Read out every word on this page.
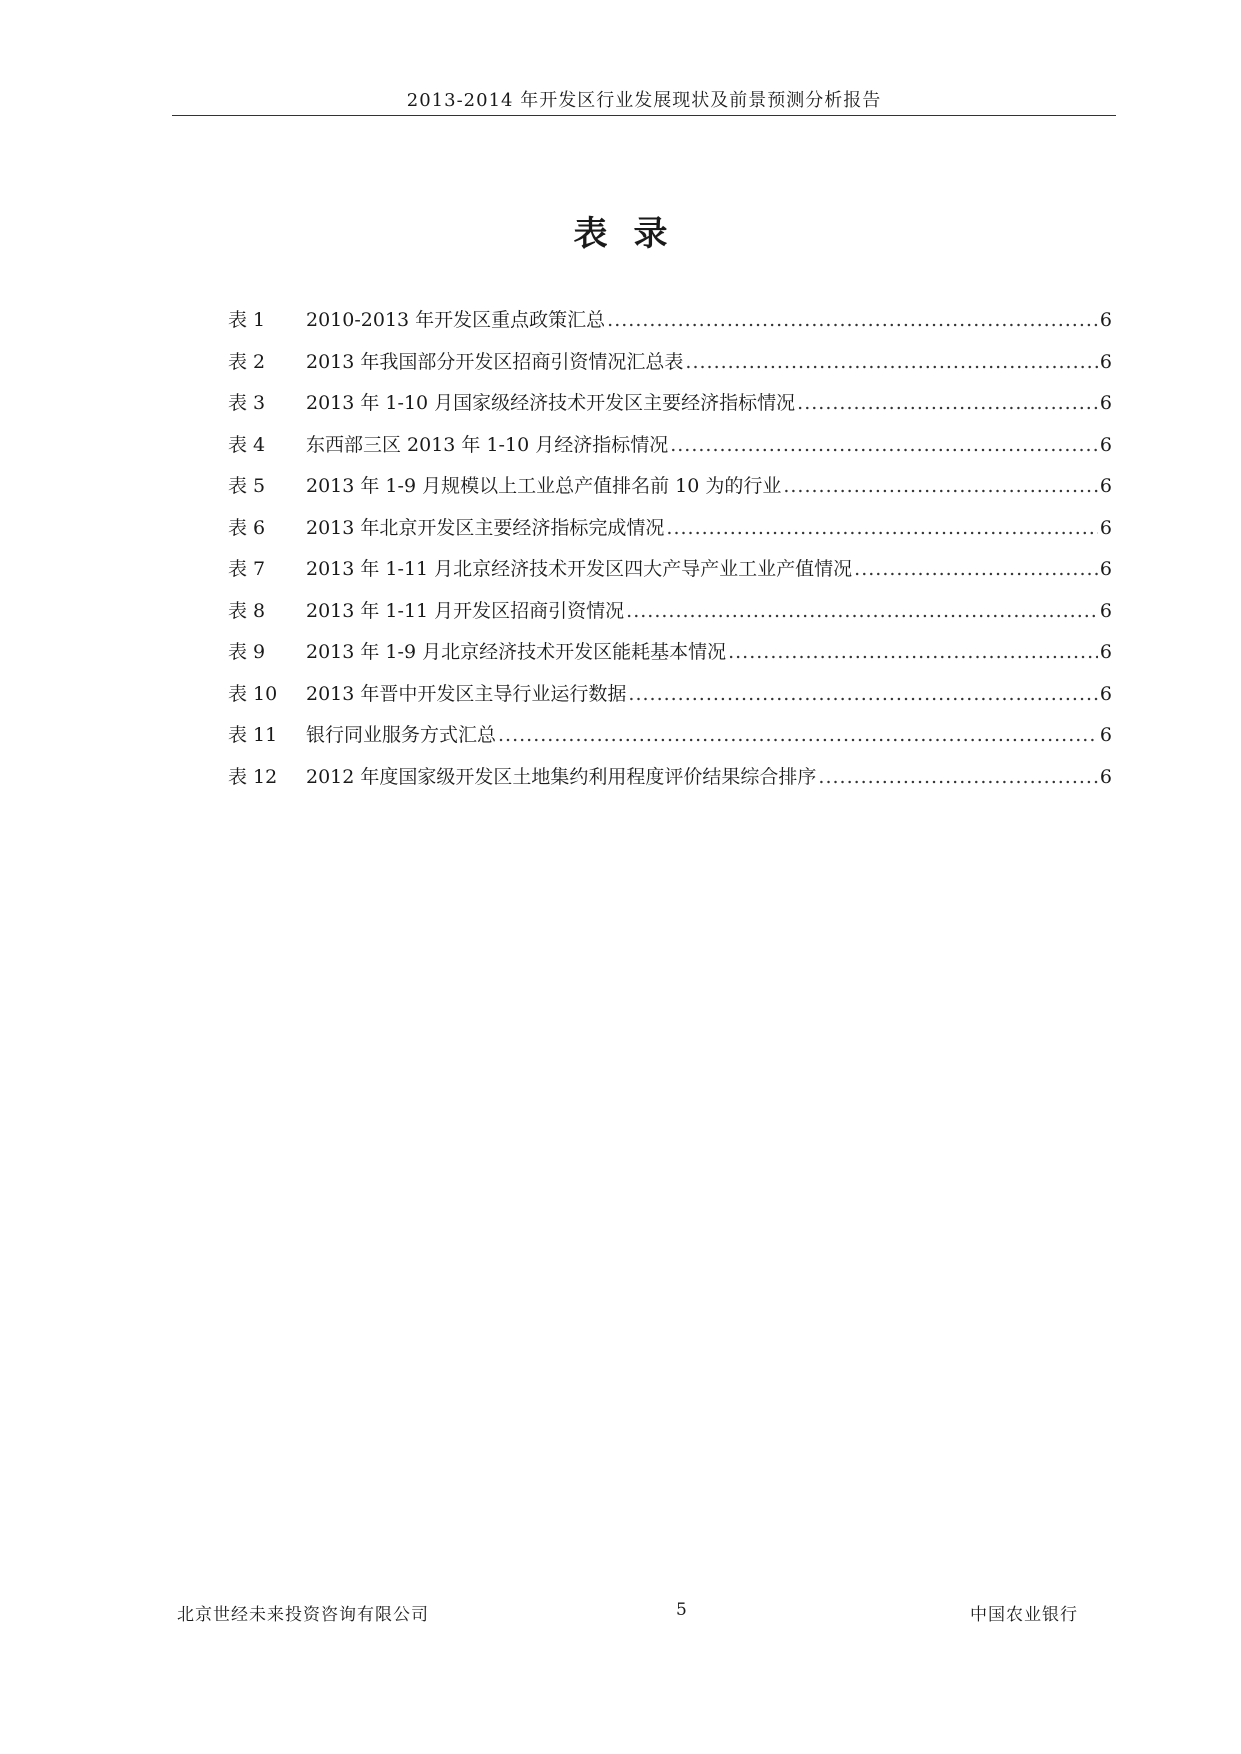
2013-2014 年开发区行业发展现状及前景预测分析报告
表录
表 1	2010-2013 年开发区重点政策汇总 .....	6
表 2	2013 年我国部分开发区招商引资情况汇总表 .....	6
表 3	2013 年 1-10 月国家级经济技术开发区主要经济指标情况 .....	6
表 4	东西部三区 2013 年 1-10 月经济指标情况 .....	6
表 5	2013 年 1-9 月规模以上工业总产值排名前 10 为的行业 .....	6
表 6	2013 年北京开发区主要经济指标完成情况 .....	6
表 7	2013 年 1-11 月北京经济技术开发区四大产导产业工业产值情况 .....	6
表 8	2013 年 1-11 月开发区招商引资情况 .....	6
表 9	2013 年 1-9 月北京经济技术开发区能耗基本情况 .....	6
表 10	2013 年晋中开发区主导行业运行数据 .....	6
表 11	银行同业服务方式汇总 .....	6
表 12	2012 年度国家级开发区土地集约利用程度评价结果综合排序 .....	6
北京世经未来投资咨询有限公司	5	中国农业银行
